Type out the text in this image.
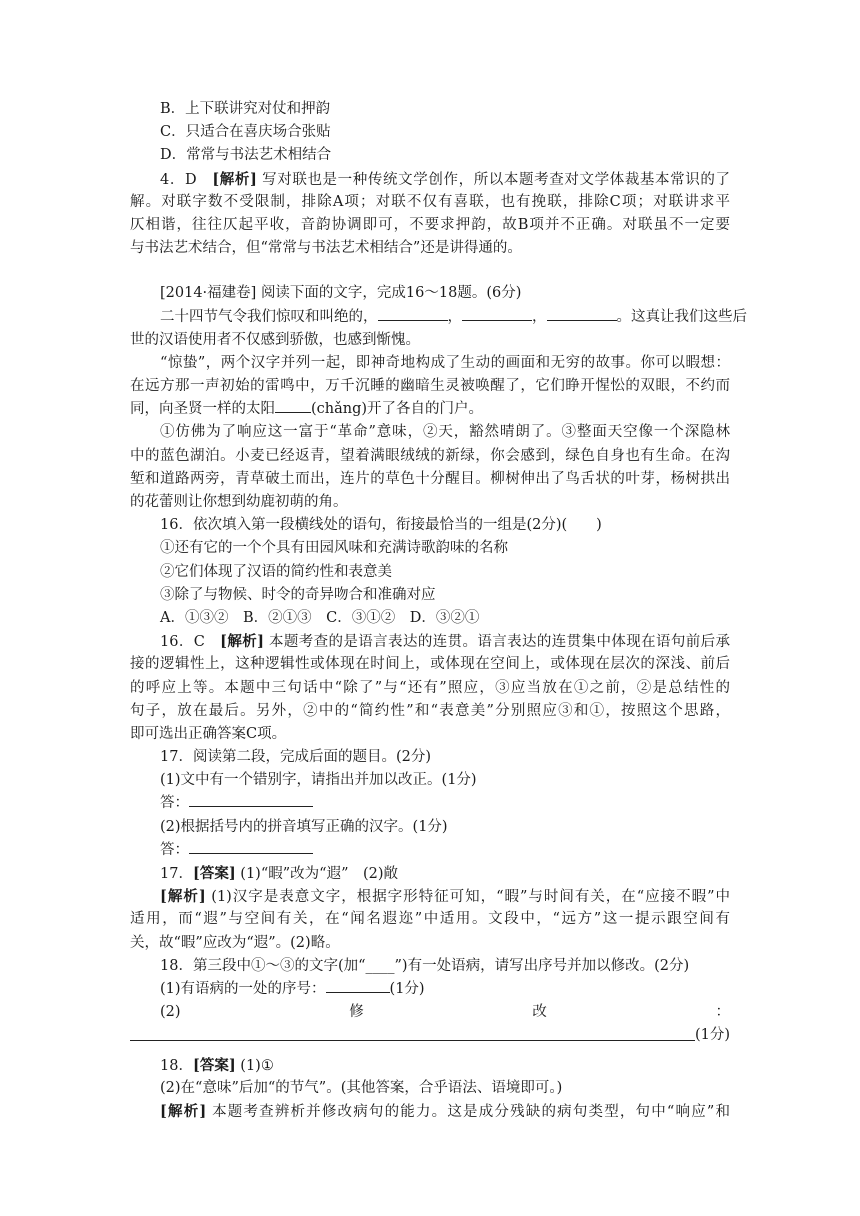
B．上下联讲究对仗和押韵
C．只适合在喜庆场合张贴
D．常常与书法艺术相结合
4．D　 [解析] 写对联也是一种传统文学创作，所以本题考查对文学体裁基本常识的了
解。对联字数不受限制，排除A项；对联不仅有喜联，也有挽联，排除C项；对联讲求平
仄相谐，往往仄起平收，音韵协调即可，不要求押韵，故B项并不正确。对联虽不一定要
与书法艺术结合，但“常常与书法艺术相结合”还是讲得通的。
[2014·福建卷] 阅读下面的文字，完成16～18题。(6分)
二十四节气令我们惊叹和叫绝的，	，	，	。这真让我们这些后
世的汉语使用者不仅感到骄傲，也感到惭愧。
“惊蛰”，两个汉字并列一起，即神奇地构成了生动的画面和无穷的故事。你可以暇想：
在远方那一声初始的雷鸣中，万千沉睡的幽暗生灵被唤醒了，它们睁开惺忪的双眼，不约而
同，向圣贤一样的太阳 (chǎng)开了各自的门户。
①仿佛为了响应这一富于“革命”意味，②天，豁然晴朗了。③整面天空像一个深隐林
中的蓝色湖泊。小麦已经返青，望着满眼绒绒的新绿，你会感到，绿色自身也有生命。在沟
堑和道路两旁，青草破土而出，连片的草色十分醒目。柳树伸出了鸟舌状的叶芽，杨树拱出
的花蕾则让你想到幼鹿初萌的角。
16．依次填入第一段横线处的语句，衔接最恰当的一组是(2分)(　　)
①还有它的一个个具有田园风味和充满诗歌韵味的名称
②它们体现了汉语的简约性和表意美
③除了与物候、时令的奇异吻合和准确对应
A．①③②　B．②①③　C．③①②　D．③②①
16．C　 [解析] 本题考查的是语言表达的连贯。语言表达的连贯集中体现在语句前后承
接的逻辑性上，这种逻辑性或体现在时间上，或体现在空间上，或体现在层次的深浅、前后
的呼应上等。本题中三句话中“除了”与“还有”照应，③应当放在①之前，②是总结性的
句子，放在最后。另外，②中的“简约性”和“表意美”分别照应③和①，按照这个思路，
即可选出正确答案C项。
17．阅读第二段，完成后面的题目。(2分)
(1)文中有一个错别字，请指出并加以改正。(1分)
答：
(2)根据括号内的拼音填写正确的汉字。(1分)
答：
17．[答案] (1)“暇”改为“遐”　(2)敞
[解析] (1)汉字是表意文字，根据字形特征可知，“暇”与时间有关，在“应接不暇”中
适用，而“遐”与空间有关，在“闻名遐迩”中适用。文段中，“远方”这一提示跟空间有
关，故“暇”应改为“遐”。(2)略。
18．第三段中①～③的文字(加“____”)有一处语病，请写出序号并加以修改。(2分)
(1)有语病的一处的序号：	(1分)
(2)	修	改	：
(1分)
18．[答案] (1)①
(2)在“意味”后加“的节气”。(其他答案，合乎语法、语境即可。)
[解析] 本题考查辨析并修改病句的能力。这是成分残缺的病句类型，句中“响应”和
